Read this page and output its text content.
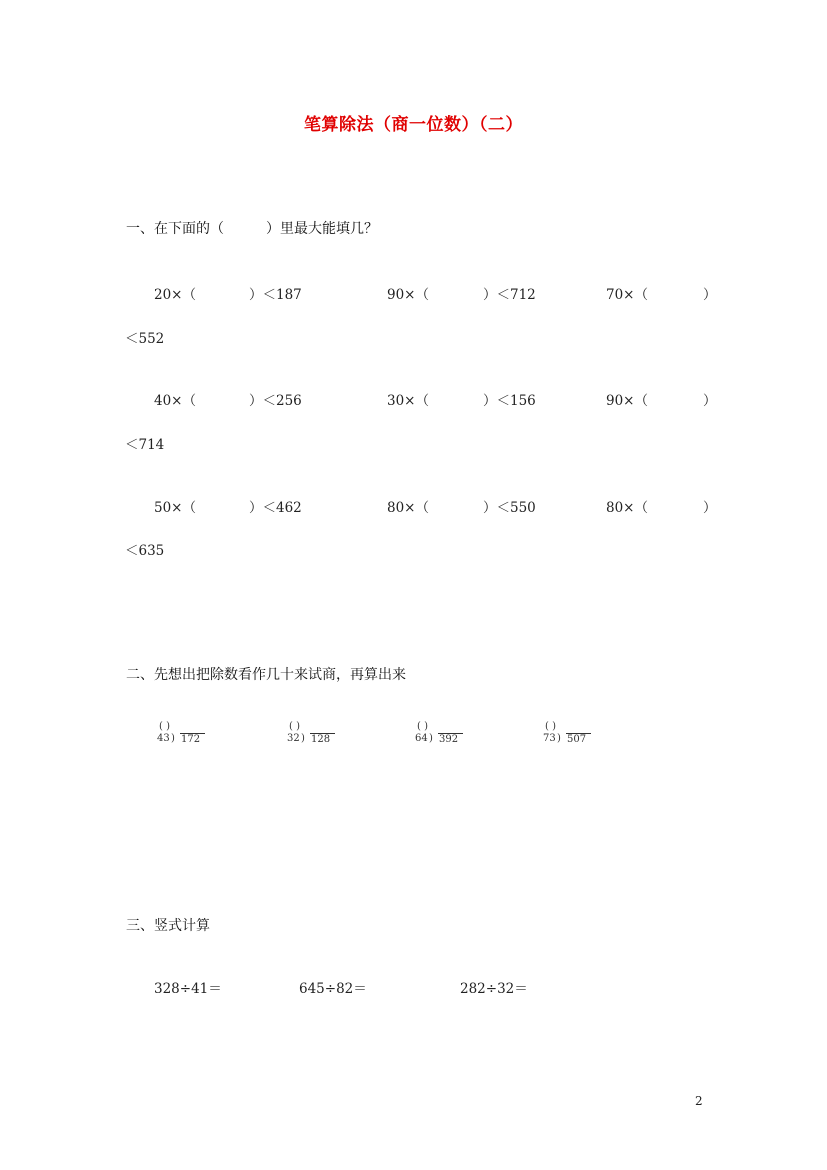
笔算除法（商一位数）（二）
一、在下面的（　　　）里最大能填几？
20×（	）＜187	90×（	）＜712	70×（	）
＜552
40×（	）＜256	30×（	）＜156	90×（	）
＜714
50×（	）＜462	80×（	）＜550	80×（	）
＜635
二、先想出把除数看作几十来试商，再算出来
( )
43 ) 172
( )
32 ) 128
( )
64 ) 392
( )
73 ) 507
三、竖式计算
328÷41＝	645÷82＝	282÷32＝
2
